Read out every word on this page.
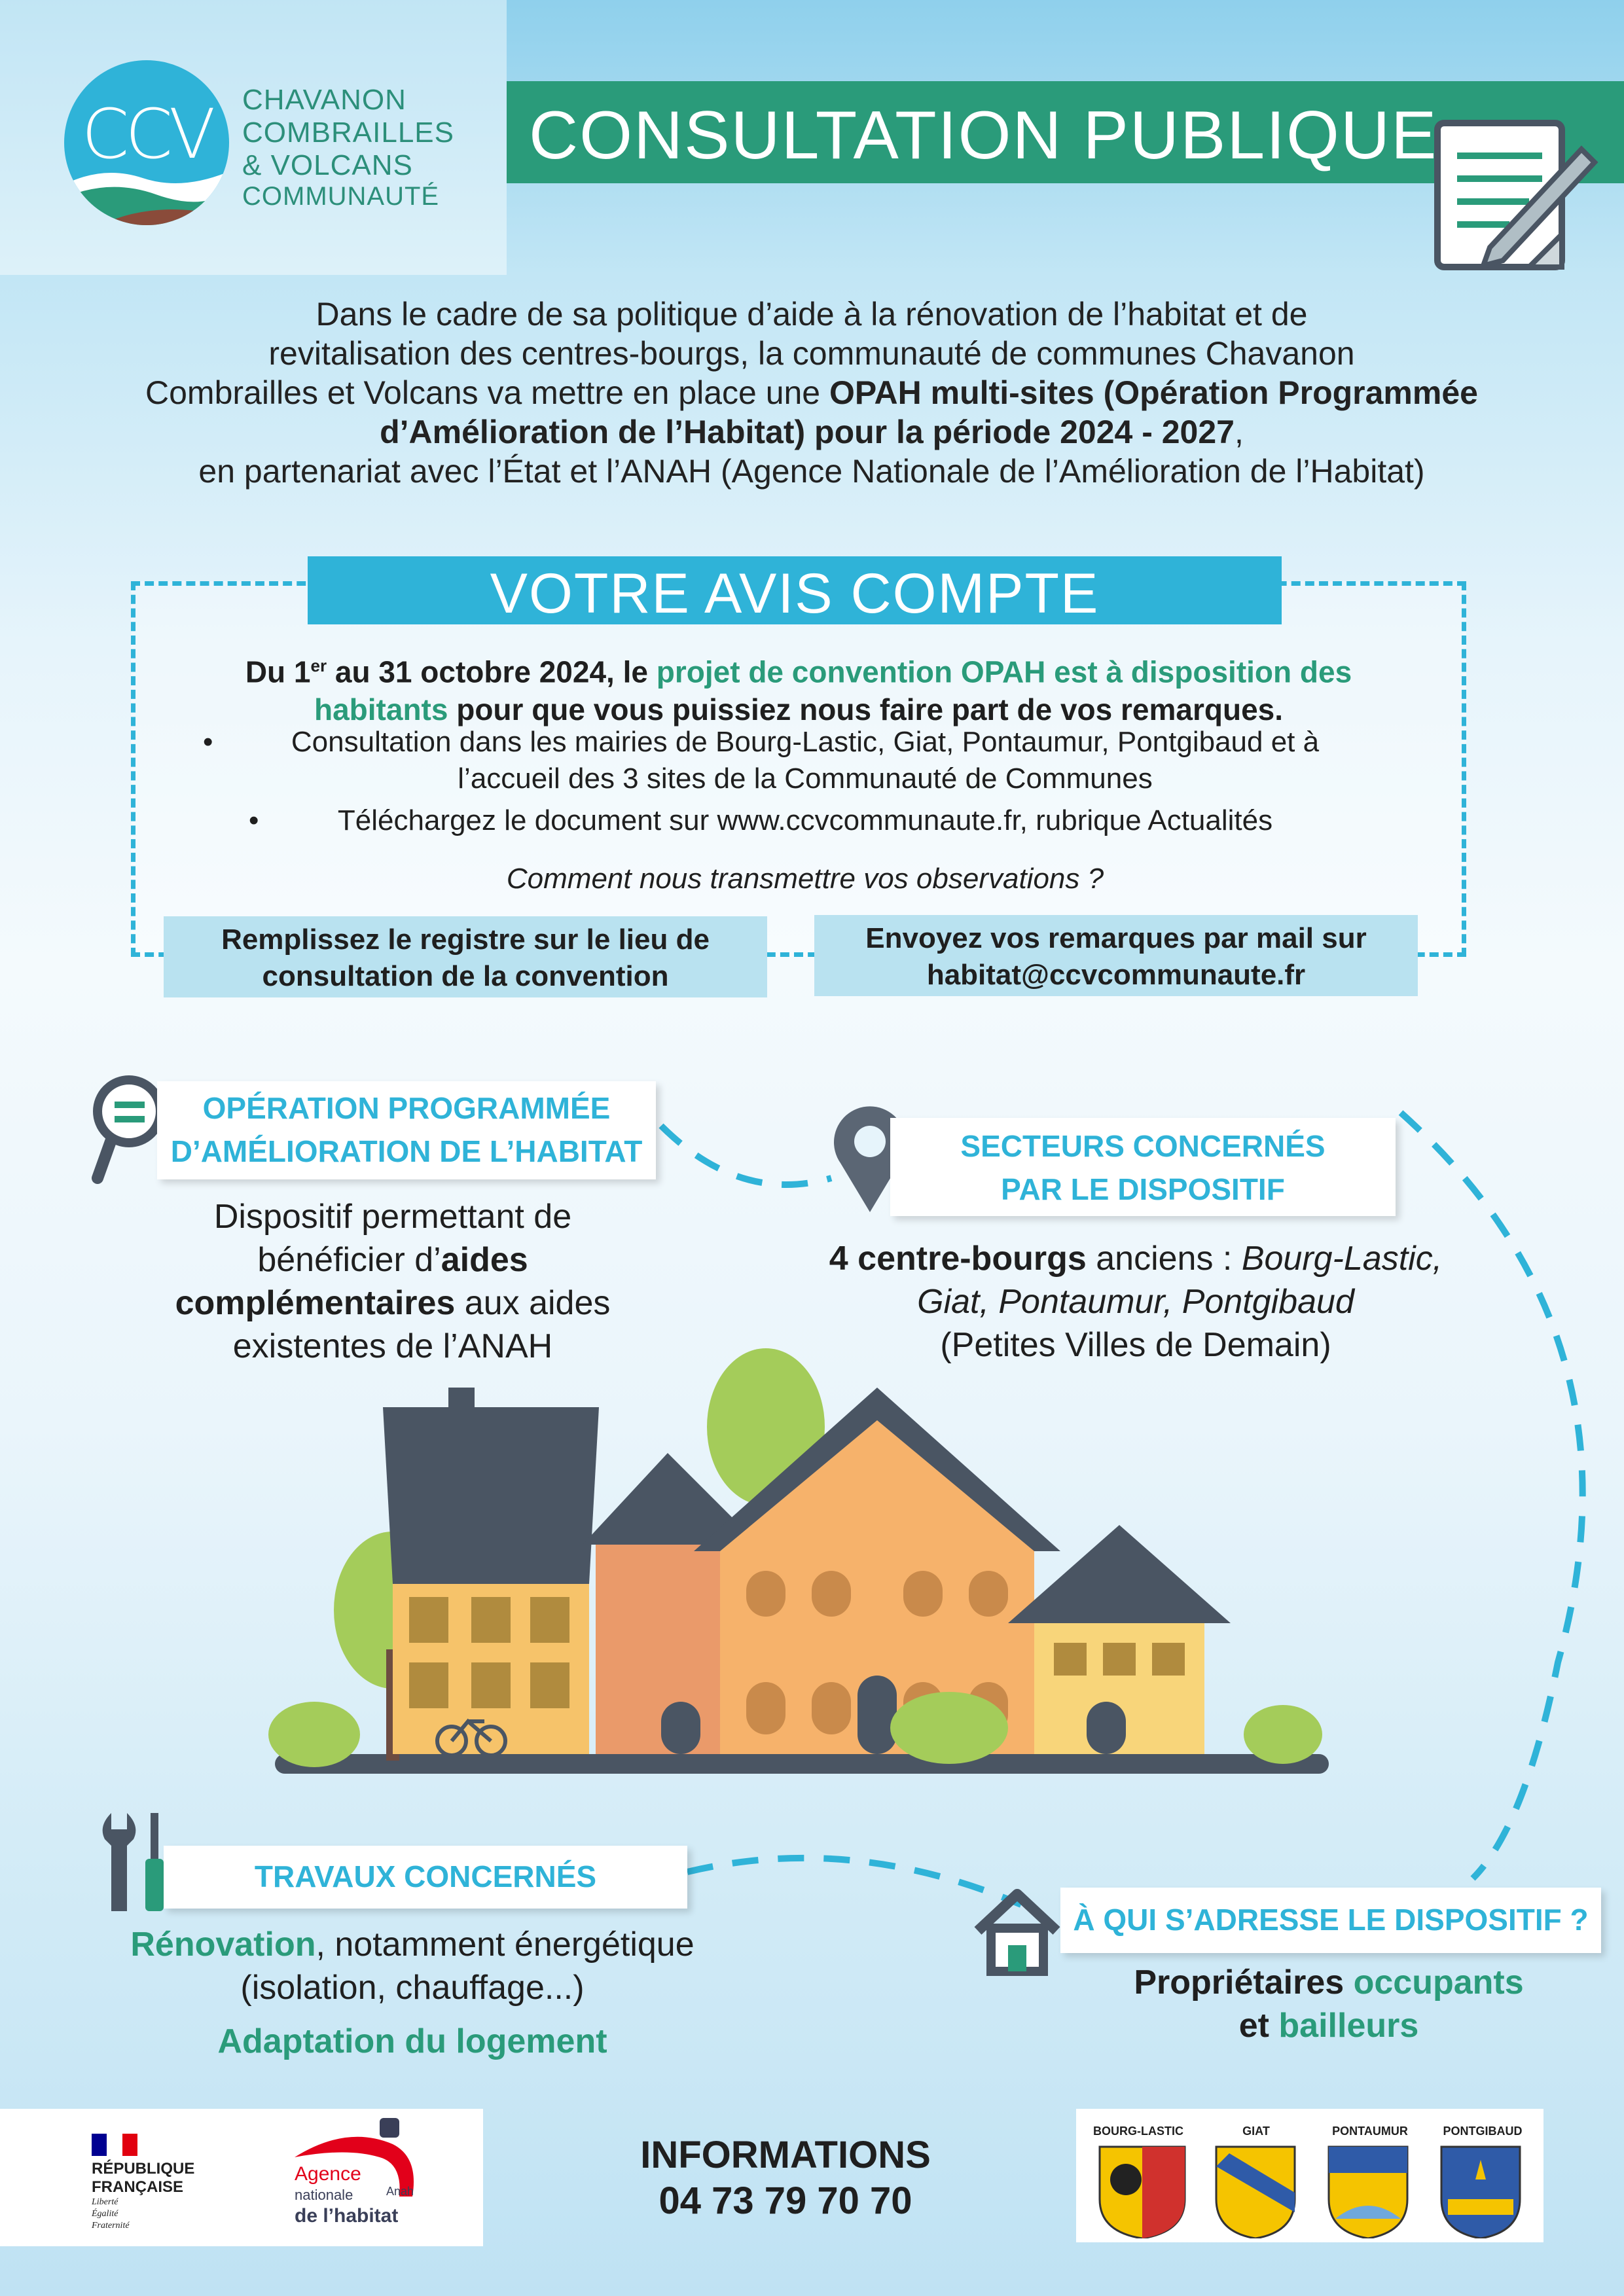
CCV	CHAVANON
COMBRAILLES
& VOLCANS
COMMUNAUTÉ
CONSULTATION PUBLIQUE
Dans le cadre de sa politique d’aide à la rénovation de l’habitat et de
revitalisation des centres-bourgs, la communauté de communes Chavanon
Combrailles et Volcans va mettre en place une OPAH multi-sites (Opération Programmée
d’Amélioration de l’Habitat) pour la période 2024 - 2027,
en partenariat avec l’État et l’ANAH (Agence Nationale de l’Amélioration de l’Habitat)
VOTRE AVIS COMPTE
Du 1er au 31 octobre 2024, le projet de convention OPAH est à disposition des
habitants pour que vous puissiez nous faire part de vos remarques.
•	Consultation dans les mairies de Bourg-Lastic, Giat, Pontaumur, Pontgibaud et à
l’accueil des 3 sites de la Communauté de Communes
•	Téléchargez le document sur www.ccvcommunaute.fr, rubrique Actualités
Comment nous transmettre vos observations ?
Remplissez le registre sur le lieu de
consultation de la convention
Envoyez vos remarques par mail sur
habitat@ccvcommunaute.fr
OPÉRATION PROGRAMMÉE
D’AMÉLIORATION DE L’HABITAT
Dispositif permettant de
bénéficier d’aides
complémentaires aux aides
existentes de l’ANAH
SECTEURS CONCERNÉS
PAR LE DISPOSITIF
4 centre-bourgs anciens : Bourg-Lastic,
Giat, Pontaumur, Pontgibaud
(Petites Villes de Demain)
TRAVAUX CONCERNÉS
Rénovation, notamment énergétique
(isolation, chauffage...)
Adaptation du logement
À QUI S’ADRESSE LE DISPOSITIF ?
Propriétaires occupants
et bailleurs
RÉPUBLIQUE
FRANÇAISE
Liberté
Égalité
Fraternité
Agence
nationale
de l’habitat
Anah
INFORMATIONS
04 73 79 70 70
BOURG-LASTIC	GIAT	PONTAUMUR	PONTGIBAUD
